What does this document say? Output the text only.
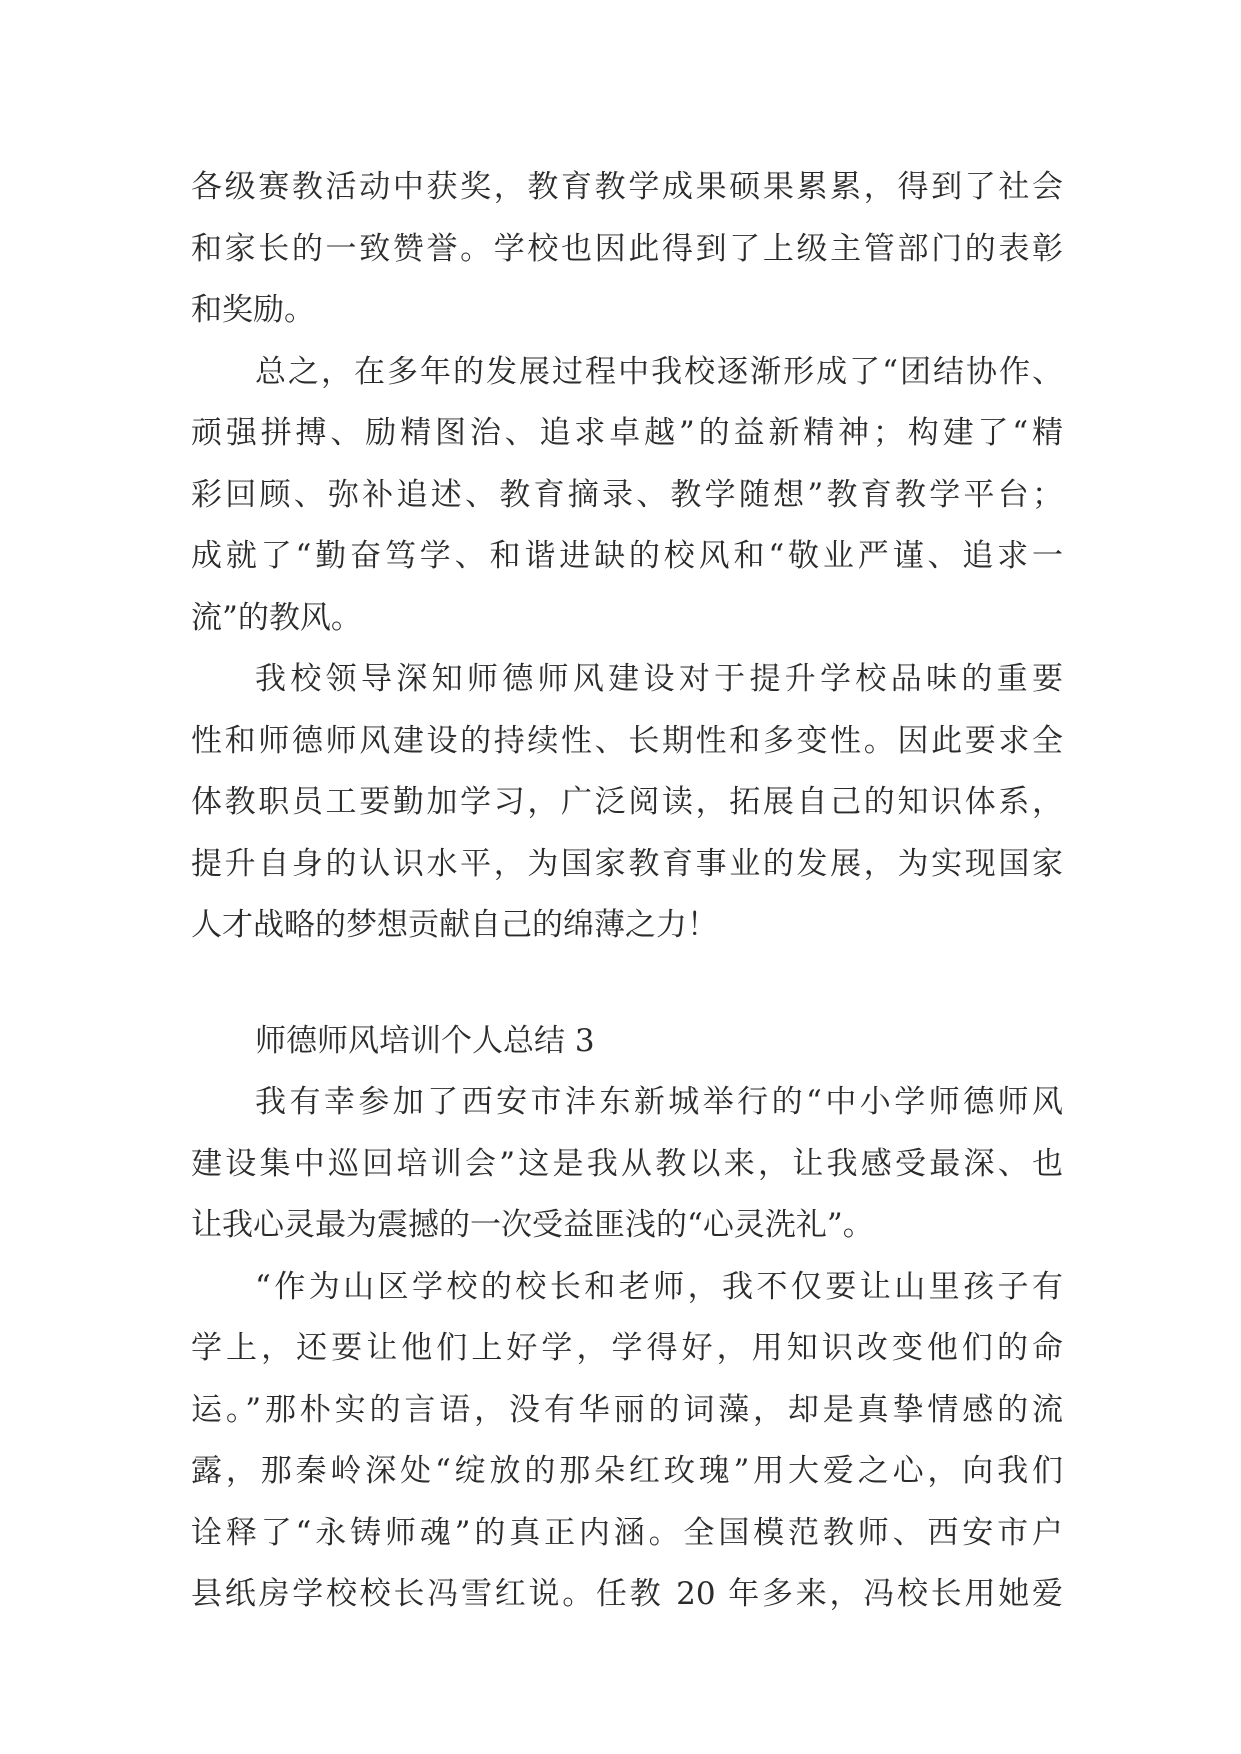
各级赛教活动中获奖，教育教学成果硕果累累，得到了社会
和家长的一致赞誉。学校也因此得到了上级主管部门的表彰
和奖励。
总之，在多年的发展过程中我校逐渐形成了“团结协作、
顽强拼搏、励精图治、追求卓越”的益新精神；构建了“精
彩回顾、弥补追述、教育摘录、教学随想”教育教学平台；
成就了“勤奋笃学、和谐进缺的校风和“敬业严谨、追求一
流”的教风。
我校领导深知师德师风建设对于提升学校品味的重要
性和师德师风建设的持续性、长期性和多变性。因此要求全
体教职员工要勤加学习，广泛阅读，拓展自己的知识体系，
提升自身的认识水平，为国家教育事业的发展，为实现国家
人才战略的梦想贡献自己的绵薄之力！
师德师风培训个人总结 3
我有幸参加了西安市沣东新城举行的“中小学师德师风
建设集中巡回培训会”这是我从教以来，让我感受最深、也
让我心灵最为震撼的一次受益匪浅的“心灵洗礼”。
“作为山区学校的校长和老师，我不仅要让山里孩子有
学上，还要让他们上好学，学得好，用知识改变他们的命
运。”那朴实的言语，没有华丽的词藻，却是真挚情感的流
露，那秦岭深处“绽放的那朵红玫瑰”用大爱之心，向我们
诠释了“永铸师魂”的真正内涵。全国模范教师、西安市户
县纸房学校校长冯雪红说。任教 20 年多来，冯校长用她爱
